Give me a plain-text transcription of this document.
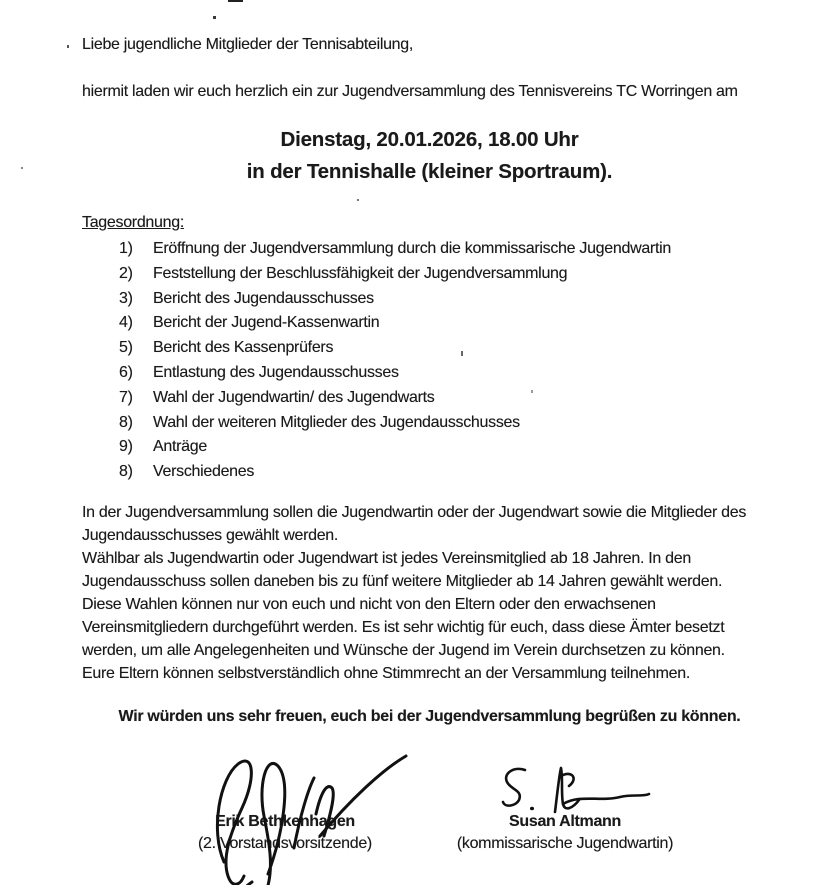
Liebe jugendliche Mitglieder der Tennisabteilung,

hiermit laden wir euch herzlich ein zur Jugendversammlung des Tennisvereins TC Worringen am

Dienstag, 20.01.2026, 18.00 Uhr
in der Tennishalle (kleiner Sportraum).
Tagesordnung:
1) Eröffnung der Jugendversammlung durch die kommissarische Jugendwartin
2) Feststellung der Beschlussfähigkeit der Jugendversammlung
3) Bericht des Jugendausschusses
4) Bericht der Jugend-Kassenwartin
5) Bericht des Kassenprüfers
6) Entlastung des Jugendausschusses
7) Wahl der Jugendwartin/ des Jugendwarts
8) Wahl der weiteren Mitglieder des Jugendausschusses
9) Anträge
8) Verschiedenes
In der Jugendversammlung sollen die Jugendwartin oder der Jugendwart sowie die Mitglieder des
Jugendausschusses gewählt werden.
Wählbar als Jugendwartin oder Jugendwart ist jedes Vereinsmitglied ab 18 Jahren. In den
Jugendausschuss sollen daneben bis zu fünf weitere Mitglieder ab 14 Jahren gewählt werden.
Diese Wahlen können nur von euch und nicht von den Eltern oder den erwachsenen
Vereinsmitgliedern durchgeführt werden. Es ist sehr wichtig für euch, dass diese Ämter besetzt
werden, um alle Angelegenheiten und Wünsche der Jugend im Verein durchsetzen zu können.
Eure Eltern können selbstverständlich ohne Stimmrecht an der Versammlung teilnehmen.

Wir würden uns sehr freuen, euch bei der Jugendversammlung begrüßen zu können.

Erik Bethkenhagen
(2. Vorstandsvorsitzende)
Susan Altmann
(kommissarische Jugendwartin)
